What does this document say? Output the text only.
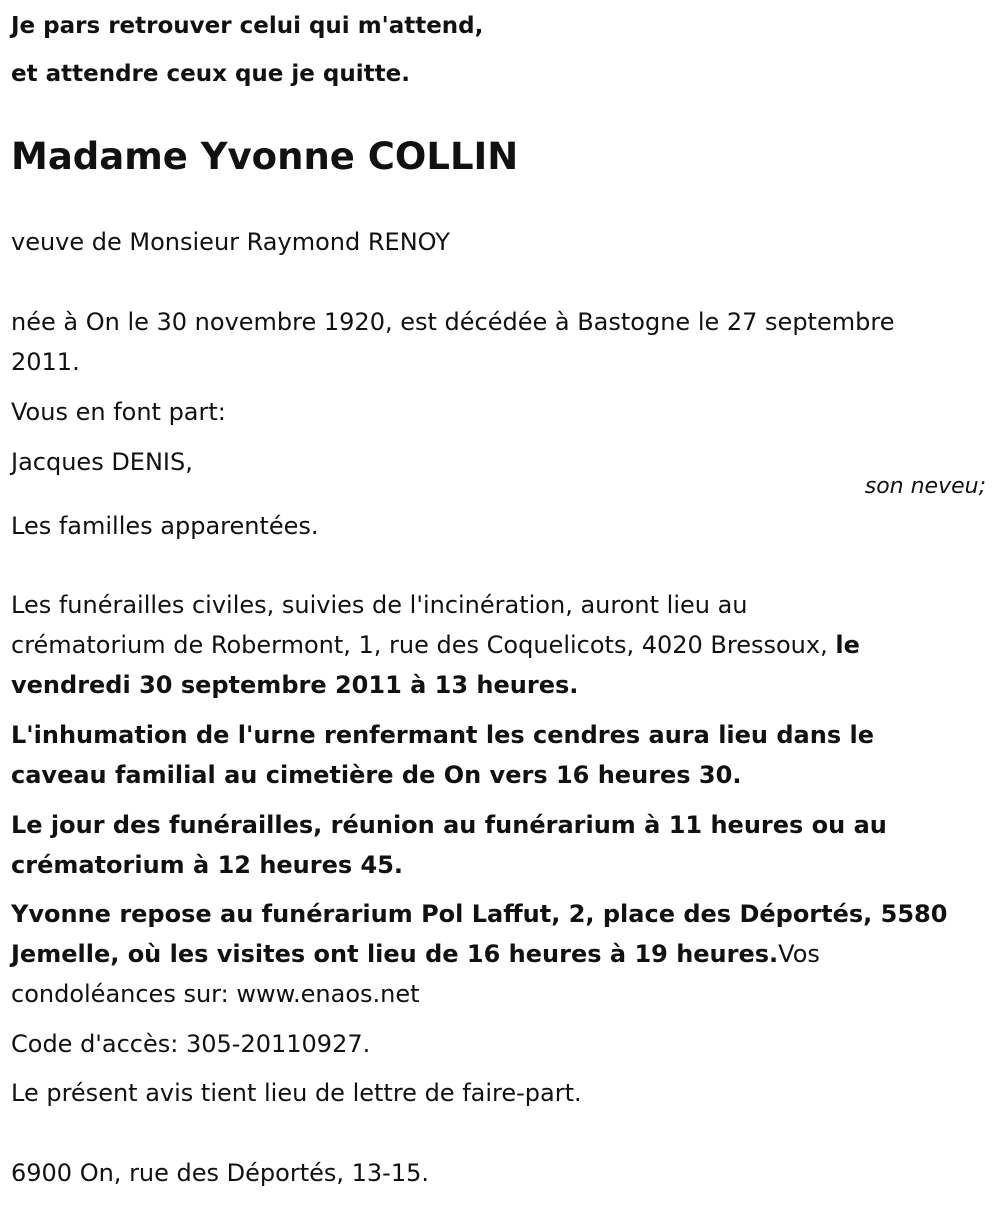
Je pars retrouver celui qui m'attend,
et attendre ceux que je quitte.
Madame Yvonne COLLIN
veuve de Monsieur Raymond RENOY
née à On le 30 novembre 1920, est décédée à Bastogne le 27 septembre
2011.
Vous en font part:
Jacques DENIS,
son neveu;
Les familles apparentées.
Les funérailles civiles, suivies de l'incinération, auront lieu au
crématorium de Robermont, 1, rue des Coquelicots, 4020 Bressoux, le
vendredi 30 septembre 2011 à 13 heures.
L'inhumation de l'urne renfermant les cendres aura lieu dans le
caveau familial au cimetière de On vers 16 heures 30.
Le jour des funérailles, réunion au funérarium à 11 heures ou au
crématorium à 12 heures 45.
Yvonne repose au funérarium Pol Laffut, 2, place des Déportés, 5580
Jemelle, où les visites ont lieu de 16 heures à 19 heures.Vos
condoléances sur: www.enaos.net
Code d'accès: 305-20110927.
Le présent avis tient lieu de lettre de faire-part.
6900 On, rue des Déportés, 13-15.
